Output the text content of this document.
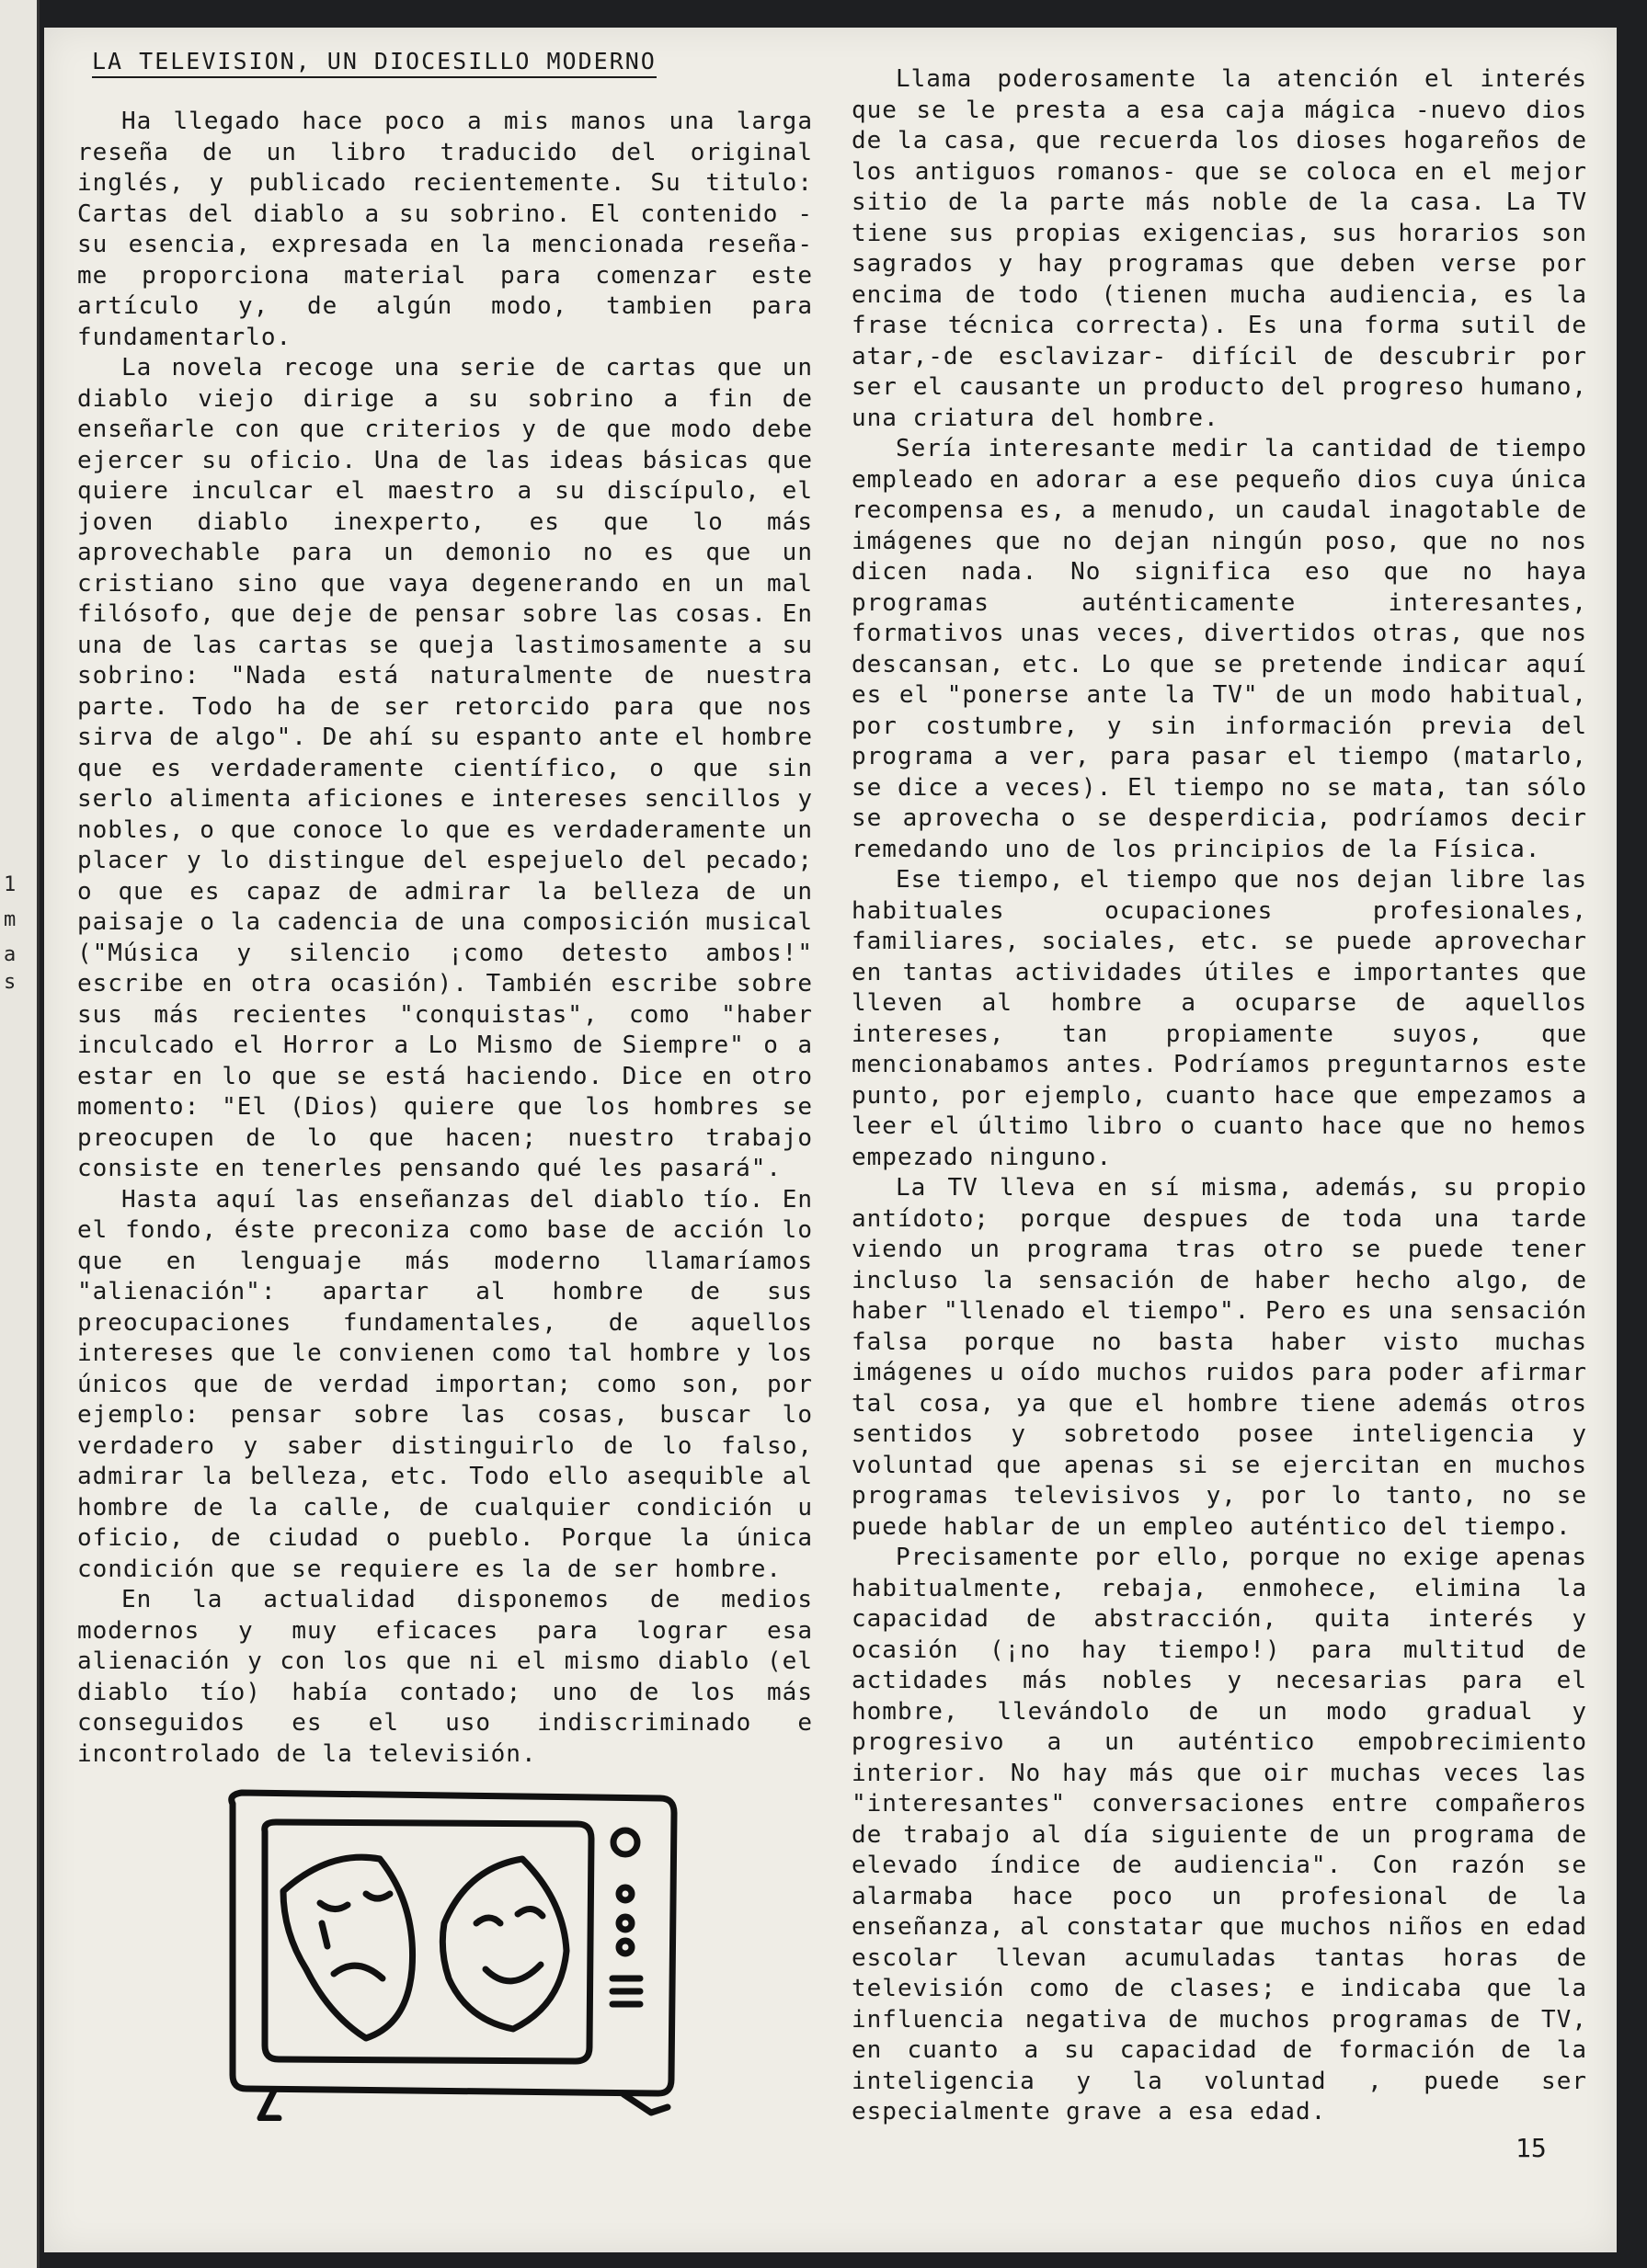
1
m
a
s
LA TELEVISION, UN DIOCESILLO MODERNO

Ha llegado hace poco a mis manos una larga reseña de un libro traducido del original inglés, y publicado recientemente. Su titulo: Cartas del diablo a su sobrino. El contenido - su esencia, expresada en la mencionada reseña- me proporciona material para comenzar este artículo y, de algún modo, tambien para fundamentarlo.

La novela recoge una serie de cartas que un diablo viejo dirige a su sobrino a fin de enseñarle con que criterios y de que modo debe ejercer su oficio. Una de las ideas básicas que quiere inculcar el maestro a su discípulo, el joven diablo inexperto, es que lo más aprovechable para un demonio no es que un cristiano sino que vaya degenerando en un mal filósofo, que deje de pensar sobre las cosas. En una de las cartas se queja lastimosamente a su sobrino: "Nada está naturalmente de nuestra parte. Todo ha de ser retorcido para que nos sirva de algo". De ahí su espanto ante el hombre que es verdaderamente científico, o que sin serlo alimenta aficiones e intereses sencillos y nobles, o que conoce lo que es verdaderamente un placer y lo distingue del espejuelo del pecado; o que es capaz de admirar la belleza de un paisaje o la cadencia de una composición musical ("Música y silencio ¡como detesto ambos!" escribe en otra ocasión). También escribe sobre sus más recientes "conquistas", como "haber inculcado el Horror a Lo Mismo de Siempre" o a estar en lo que se está haciendo. Dice en otro momento: "El (Dios) quiere que los hombres se preocupen de lo que hacen; nuestro trabajo consiste en tenerles pensando qué les pasará".

Hasta aquí las enseñanzas del diablo tío. En el fondo, éste preconiza como base de acción lo que en lenguaje más moderno llamaríamos "alienación": apartar al hombre de sus preocupaciones fundamentales, de aquellos intereses que le convienen como tal hombre y los únicos que de verdad importan; como son, por ejemplo: pensar sobre las cosas, buscar lo verdadero y saber distinguirlo de lo falso, admirar la belleza, etc. Todo ello asequible al hombre de la calle, de cualquier condición u oficio, de ciudad o pueblo. Porque la única condición que se requiere es la de ser hombre.

En la actualidad disponemos de medios modernos y muy eficaces para lograr esa alienación y con los que ni el mismo diablo (el diablo tío) había contado; uno de los más conseguidos es el uso indiscriminado e incontrolado de la televisión.

Llama poderosamente la atención el interés que se le presta a esa caja mágica -nuevo dios de la casa, que recuerda los dioses hogareños de los antiguos romanos- que se coloca en el mejor sitio de la parte más noble de la casa. La TV tiene sus propias exigencias, sus horarios son sagrados y hay programas que deben verse por encima de todo (tienen mucha audiencia, es la frase técnica correcta). Es una forma sutil de atar,-de esclavizar- difícil de descubrir por ser el causante un producto del progreso humano, una criatura del hombre.

Sería interesante medir la cantidad de tiempo empleado en adorar a ese pequeño dios cuya única recompensa es, a menudo, un caudal inagotable de imágenes que no dejan ningún poso, que no nos dicen nada. No significa eso que no haya programas auténticamente interesantes, formativos unas veces, divertidos otras, que nos descansan, etc. Lo que se pretende indicar aquí es el "ponerse ante la TV" de un modo habitual, por costumbre, y sin información previa del programa a ver, para pasar el tiempo (matarlo, se dice a veces). El tiempo no se mata, tan sólo se aprovecha o se desperdicia, podríamos decir remedando uno de los principios de la Física.

Ese tiempo, el tiempo que nos dejan libre las habituales ocupaciones profesionales, familiares, sociales, etc. se puede aprovechar en tantas actividades útiles e importantes que lleven al hombre a ocuparse de aquellos intereses, tan propiamente suyos, que mencionabamos antes. Podríamos preguntarnos este punto, por ejemplo, cuanto hace que empezamos a leer el último libro o cuanto hace que no hemos empezado ninguno.

La TV lleva en sí misma, además, su propio antídoto; porque despues de toda una tarde viendo un programa tras otro se puede tener incluso la sensación de haber hecho algo, de haber "llenado el tiempo". Pero es una sensación falsa porque no basta haber visto muchas imágenes u oído muchos ruidos para poder afirmar tal cosa, ya que el hombre tiene además otros sentidos y sobretodo posee inteligencia y voluntad que apenas si se ejercitan en muchos programas televisivos y, por lo tanto, no se puede hablar de un empleo auténtico del tiempo.

Precisamente por ello, porque no exige apenas habitualmente, rebaja, enmohece, elimina la capacidad de abstracción, quita interés y ocasión (¡no hay tiempo!) para multitud de actidades más nobles y necesarias para el hombre, llevándolo de un modo gradual y progresivo a un auténtico empobrecimiento interior. No hay más que oir muchas veces las "interesantes" conversaciones entre compañeros de trabajo al día siguiente de un programa de elevado índice de audiencia". Con razón se alarmaba hace poco un profesional de la enseñanza, al constatar que muchos niños en edad escolar llevan acumuladas tantas horas de televisión como de clases; e indicaba que la influencia negativa de muchos programas de TV, en cuanto a su capacidad de formación de la inteligencia y la voluntad , puede ser especialmente grave a esa edad.

15
